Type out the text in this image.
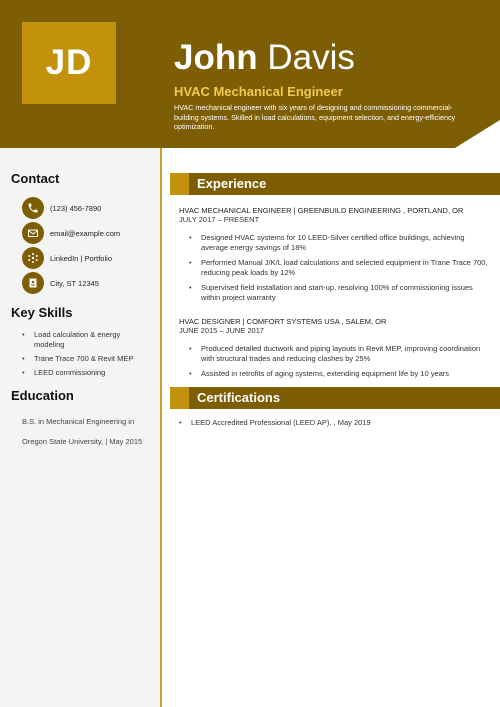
JD John Davis
HVAC Mechanical Engineer
HVAC mechanical engineer with six years of designing and commissioning commercial-building systems. Skilled in load calculations, equipment selection, and energy-efficiency optimization.
Contact
(123) 456-7890
email@example.com
LinkedIn | Portfolio
City, ST 12345
Key Skills
• Load calculation & energy modeling
• Trane Trace 700 & Revit MEP
• LEED commissioning
Education
B.S. in Mechanical Engineering in Oregon State University, | May 2015
Experience
HVAC MECHANICAL ENGINEER | GREENBUILD ENGINEERING , PORTLAND, OR
JULY 2017 – PRESENT
• Designed HVAC systems for 10 LEED-Silver certified office buildings, achieving average energy savings of 18%
• Performed Manual J/K/L load calculations and selected equipment in Trane Trace 700, reducing peak loads by 12%
• Supervised field installation and start-up, resolving 100% of commissioning issues within project warranty
HVAC DESIGNER | COMFORT SYSTEMS USA , SALEM, OR
JUNE 2015 – JUNE 2017
• Produced detailed ductwork and piping layouts in Revit MEP, improving coordination with structural trades and reducing clashes by 25%
• Assisted in retrofits of aging systems, extending equipment life by 10 years
Certifications
• LEED Accredited Professional (LEED AP), , May 2019
